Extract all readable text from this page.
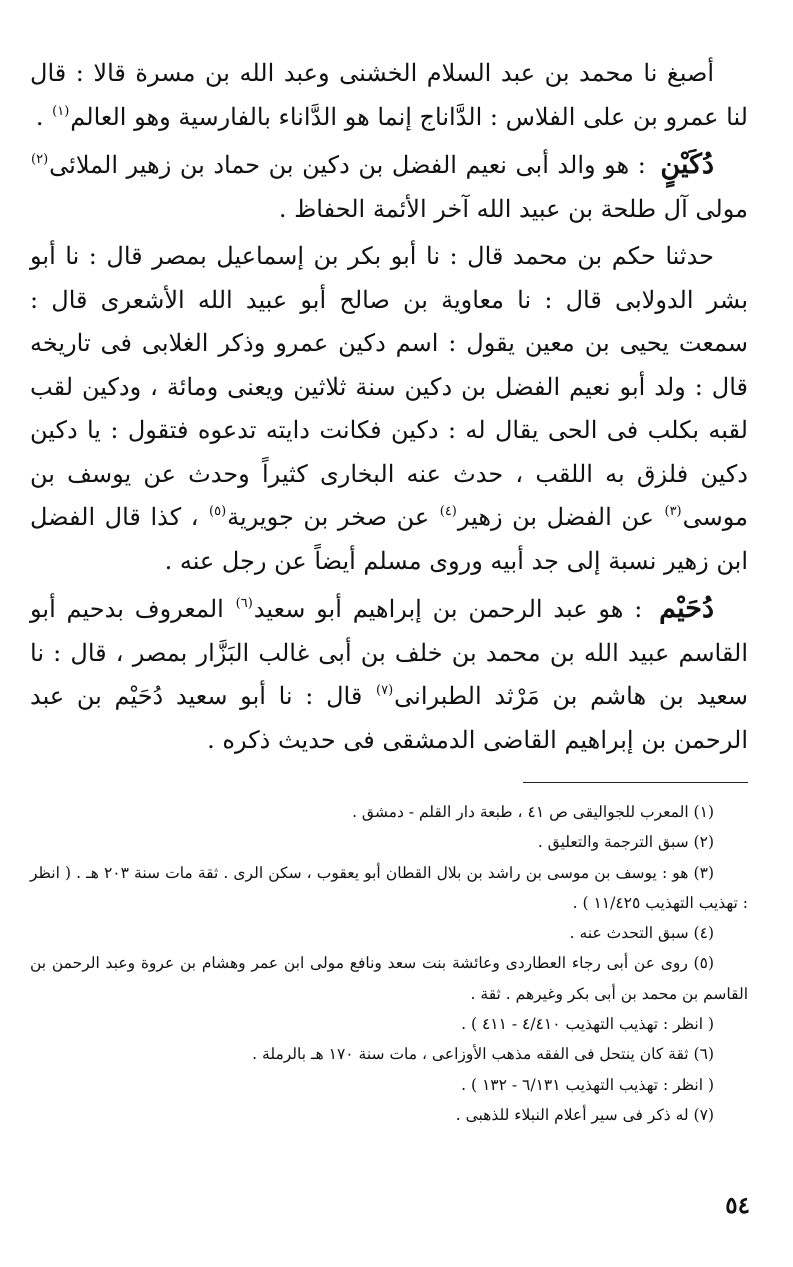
أصبغ نا محمد بن عبد السلام الخشنى وعبد الله بن مسرة قالا : قال لنا عمرو بن على الفلاس : الدَّاناج إنما هو الدَّاناء بالفارسية وهو العالم$^{(١)}$ .

دُكَيْنٍ : هو والد أبى نعيم الفضل بن دكين بن حماد بن زهير الملائى$^{(٢)}$ مولى آل طلحة بن عبيد الله آخر الأئمة الحفاظ .

حدثنا حكم بن محمد قال : نا أبو بكر بن إسماعيل بمصر قال : نا أبو بشر الدولابى قال : نا معاوية بن صالح أبو عبيد الله الأشعرى قال : سمعت يحيى بن معين يقول : اسم دكين عمرو وذكر الغلابى فى تاريخه قال : ولد أبو نعيم الفضل بن دكين سنة ثلاثين ويعنى ومائة ، ودكين لقب لقبه بكلب فى الحى يقال له : دكين فكانت دايته تدعوه فتقول : يا دكين دكين فلزق به اللقب ، حدث عنه البخارى كثيراً وحدث عن يوسف بن موسى$^{(٣)}$ عن الفضل بن زهير$^{(٤)}$ عن صخر بن جويرية$^{(٥)}$ ، كذا قال الفضل ابن زهير نسبة إلى جد أبيه وروى مسلم أيضاً عن رجل عنه .

دُحَيْم : هو عبد الرحمن بن إبراهيم أبو سعيد$^{(٦)}$ المعروف بدحيم أبو القاسم عبيد الله بن محمد بن خلف بن أبى غالب البَزَّار بمصر ، قال : نا سعيد بن هاشم بن مَرْثد الطبرانى$^{(٧)}$ قال : نا أبو سعيد دُحَيْم بن عبد الرحمن بن إبراهيم القاضى الدمشقى فى حديث ذكره .

(١) المعرب للجواليقى ص ٤١ ، طبعة دار القلم - دمشق .

(٢) سبق الترجمة والتعليق .

(٣) هو : يوسف بن موسى بن راشد بن بلال القطان أبو يعقوب ، سكن الرى . ثقة مات سنة ٢٠٣ هـ . ( انظر : تهذيب التهذيب ١١/٤٢٥ ) .

(٤) سبق التحدث عنه .

(٥) روى عن أبى رجاء العطاردى وعائشة بنت سعد ونافع مولى ابن عمر وهشام بن عروة وعبد الرحمن بن القاسم بن محمد بن أبى بكر وغيرهم . ثقة .

( انظر : تهذيب التهذيب ٤/٤١٠ - ٤١١ ) .

(٦) ثقة كان ينتحل فى الفقه مذهب الأوزاعى ، مات سنة ١٧٠ هـ بالرملة .

( انظر : تهذيب التهذيب ٦/١٣١ - ١٣٢ ) .

(٧) له ذكر فى سير أعلام النبلاء للذهبى .

٥٤
